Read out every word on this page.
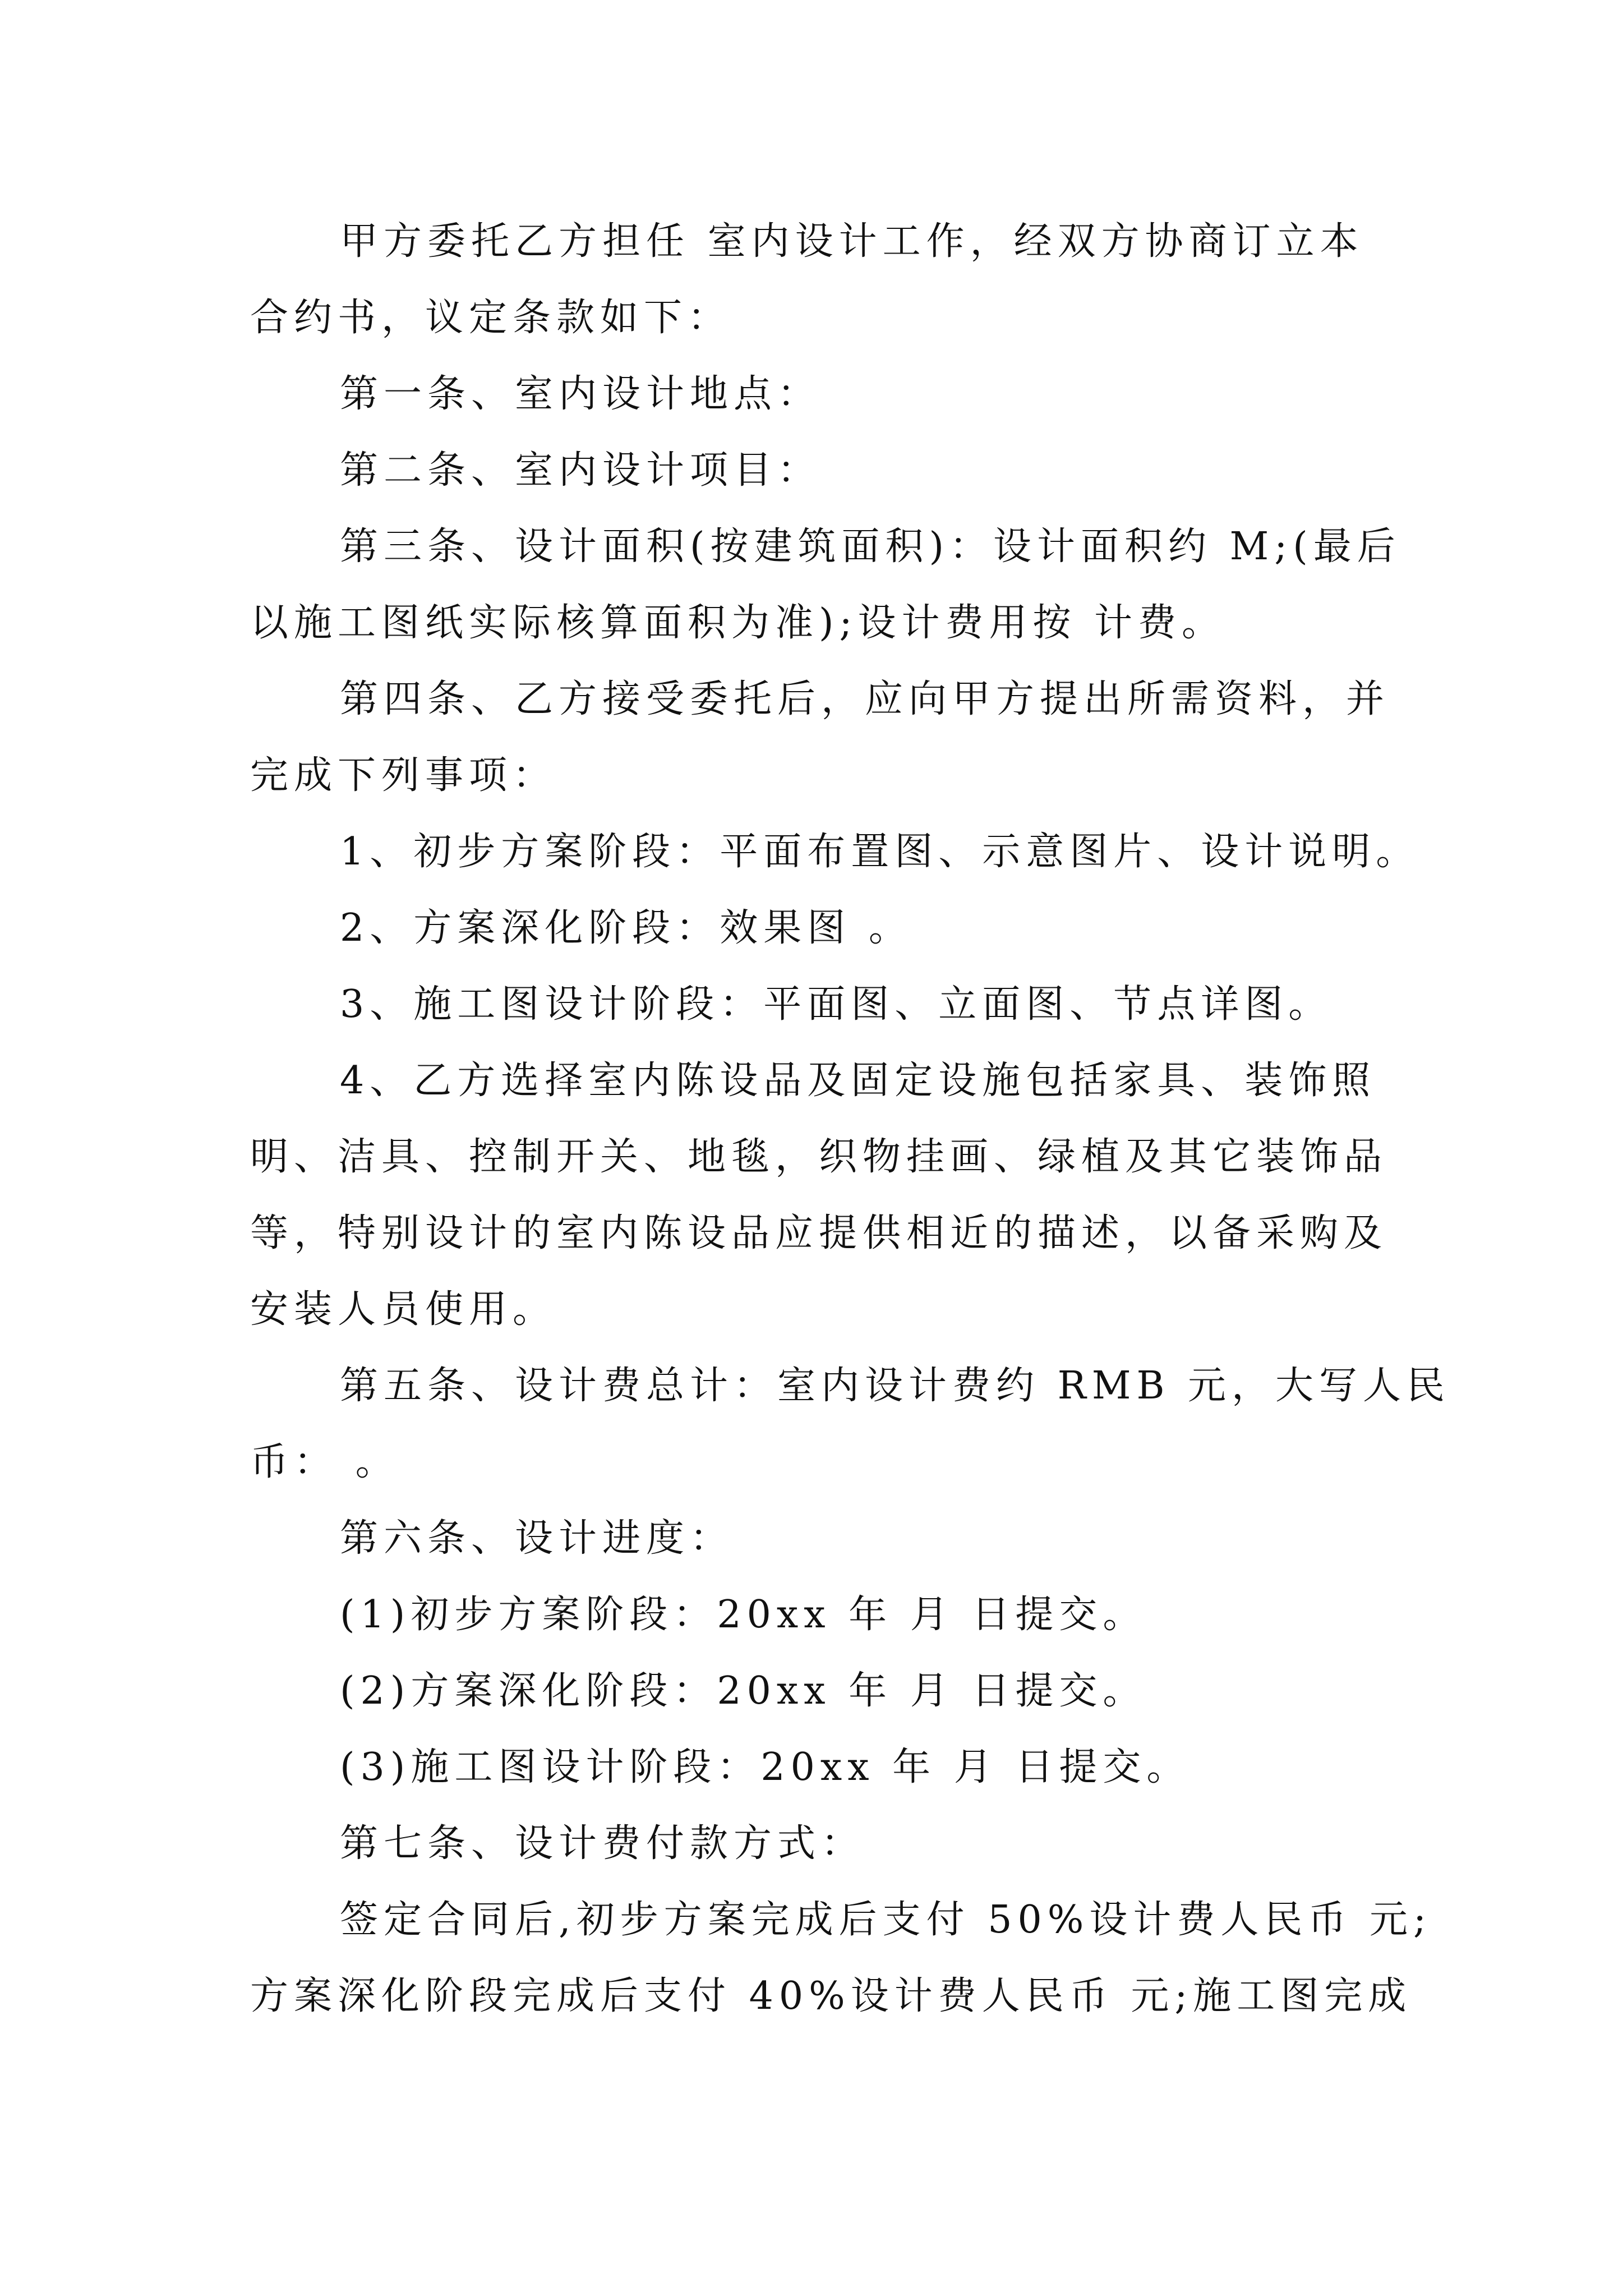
甲方委托乙方担任 室内设计工作，经双方协商订立本
合约书，议定条款如下：
第一条、室内设计地点：
第二条、室内设计项目：
第三条、设计面积(按建筑面积)：设计面积约 M;(最后
以施工图纸实际核算面积为准);设计费用按 计费。
第四条、乙方接受委托后，应向甲方提出所需资料，并
完成下列事项：
1、初步方案阶段：平面布置图、示意图片、设计说明。
2、方案深化阶段：效果图 。
3、施工图设计阶段：平面图、立面图、节点详图。
4、乙方选择室内陈设品及固定设施包括家具、装饰照
明、洁具、控制开关、地毯，织物挂画、绿植及其它装饰品
等，特别设计的室内陈设品应提供相近的描述，以备采购及
安装人员使用。
第五条、设计费总计：室内设计费约 RMB 元，大写人民
币： 。
第六条、设计进度：
(1)初步方案阶段：20xx 年 月 日提交。
(2)方案深化阶段：20xx 年 月 日提交。
(3)施工图设计阶段：20xx 年 月 日提交。
第七条、设计费付款方式：
签定合同后,初步方案完成后支付 50%设计费人民币 元;
方案深化阶段完成后支付 40%设计费人民币 元;施工图完成
